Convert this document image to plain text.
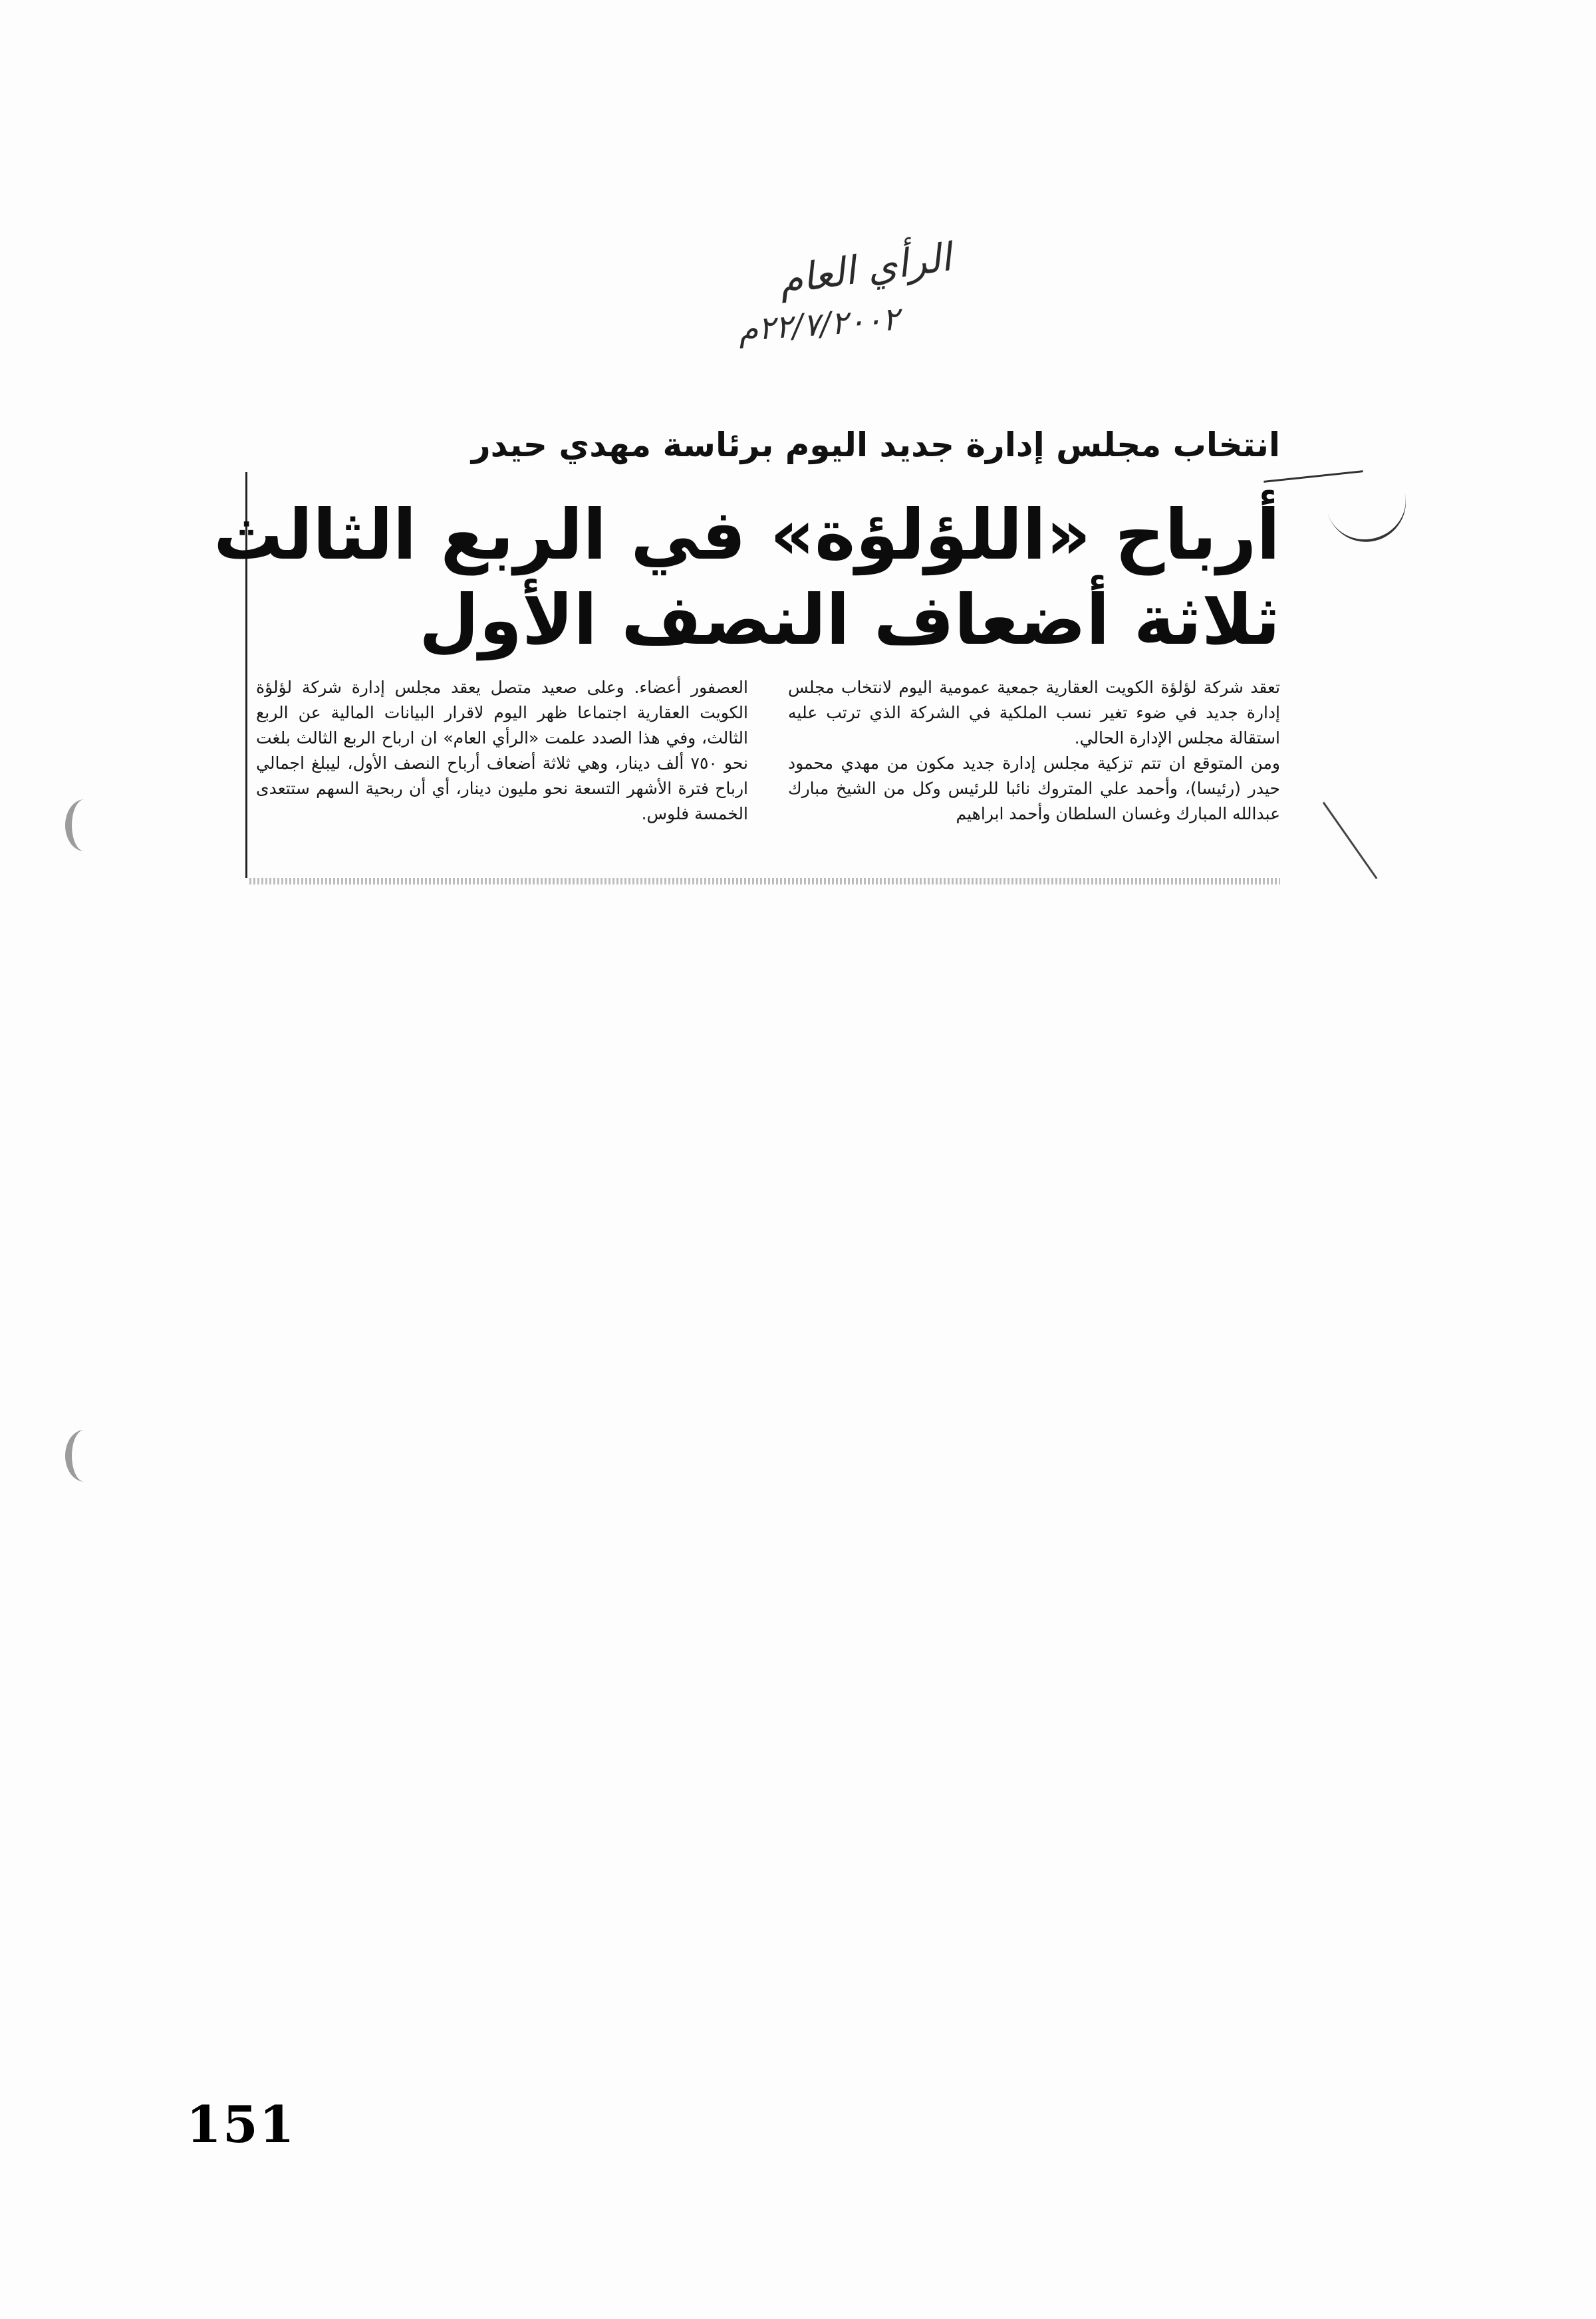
الرأي العام
٢٢/٧/٢٠٠٢م
انتخاب مجلس إدارة جديد اليوم برئاسة مهدي حيدر
أرباح «اللؤلؤة» في الربع الثالث
ثلاثة أضعاف النصف الأول

تعقد شركة لؤلؤة الكويت العقارية جمعية عمومية اليوم لانتخاب مجلس إدارة جديد في ضوء تغير نسب الملكية في الشركة الذي ترتب عليه استقالة مجلس الإدارة الحالي.

ومن المتوقع ان تتم تزكية مجلس إدارة جديد مكون من مهدي محمود حيدر (رئيسا)، وأحمد علي المتروك نائبا للرئيس وكل من الشيخ مبارك عبدالله المبارك وغسان السلطان وأحمد ابراهيم

العصفور أعضاء. وعلى صعيد متصل يعقد مجلس إدارة شركة لؤلؤة الكويت العقارية اجتماعا ظهر اليوم لاقرار البيانات المالية عن الربع الثالث، وفي هذا الصدد علمت «الرأي العام» ان ارباح الربع الثالث بلغت نحو ٧٥٠ ألف دينار، وهي ثلاثة أضعاف أرباح النصف الأول، ليبلغ اجمالي ارباح فترة الأشهر التسعة نحو مليون دينار، أي أن ربحية السهم ستتعدى الخمسة فلوس.

151
